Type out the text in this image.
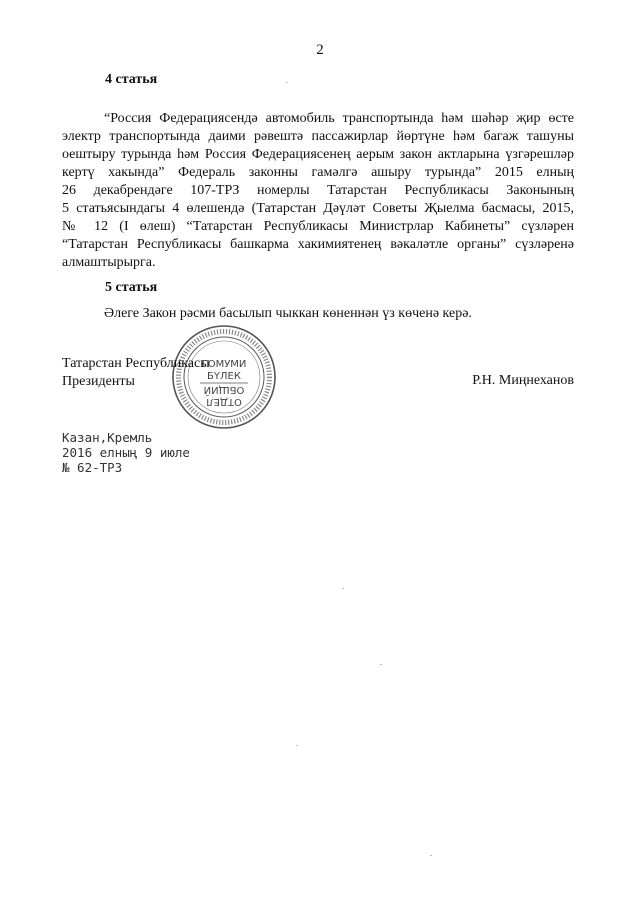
2
4 статья
“Россия Федерациясендә автомобиль транспортында һәм шәһәр җир өсте
электр транспортында даими рәвештә пассажирлар йөртүне һәм багаж ташуны
оештыру турында һәм Россия Федерациясенең аерым закон актларына үзгәрешләр
кертү хакында” Федераль законны гамәлгә ашыру турында” 2015 елның
26 декабрендәге 107-ТРЗ номерлы Татарстан Республикасы Законының
5 статьясындагы 4 өлешендә (Татарстан Дәүләт Советы Җыелма басмасы, 2015,
№ 12 (I өлеш) “Татарстан Республикасы Министрлар Кабинеты” сүзләрен
“Татарстан Республикасы башкарма хакимиятенең вәкаләтле органы” сүзләренә
алмаштырырга.
5 статья
Әлеге Закон рәсми басылып чыккан көненнән үз көченә керә.
ГОМУМИ
БҮЛЕК
ОТДЕЛ
ОБЩИЙ
Татарстан Республикасы
Президенты	Р.Н. Миңнеханов
Казан,Кремль
2016 елның 9 июле
№ 62-ТРЗ
